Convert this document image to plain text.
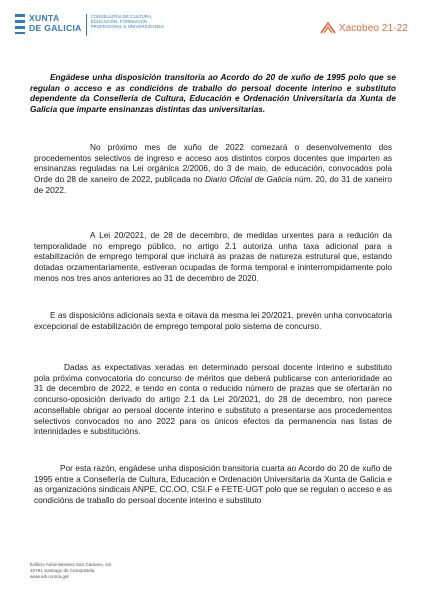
XUNTA
DE GALICIA
CONSELLERÍA DE CULTURA,
EDUCACIÓN, FORMACIÓN
PROFESIONAL E UNIVERSIDADES	Xacobeo 21·22
Engádese unha disposición transitoria ao Acordo do 20 de xuño de 1995 polo que se regulan o acceso e as condicións de traballo do persoal docente interino e substituto dependente da Consellería de Cultura, Educación e Ordenación Universitaria da Xunta de Galicia que imparte ensinanzas distintas das universitarias.
No próximo mes de xuño de 2022 comezará o desenvolvemento dos procedementos selectivos de ingreso e acceso aos distintos corpos docentes que imparten as ensinanzas reguladas na Lei orgánica 2/2006, do 3 de maio, de educación, convocados pola Orde do 28 de xaneiro de 2022, publicada no Diario Oficial de Galicia núm. 20, do 31 de xaneiro de 2022.
A Lei 20/2021, de 28 de decembro, de medidas urxentes para a redución da temporalidade no emprego público, no artigo 2.1 autoriza unha taxa adicional para a estabilización de emprego temporal que incluirá as prazas de natureza estrutural que, estando dotadas orzamentariamente, estiveran ocupadas de forma temporal e ininterrompidamente polo menos nos tres anos anteriores ao 31 de decembro de 2020.
E as disposicións adicionais sexta e oitava da mesma lei 20/2021, prevén unha convocatoria excepcional de estabilización de emprego temporal polo sistema de concurso.
Dadas as expectativas xeradas en determinado persoal docente interino e substituto pola próxima convocatoria do concurso de méritos que deberá publicarse con anterioridade ao 31 de decembro de 2022, e tendo en conta o reducido número de prazas que se ofertarán no concurso-oposición derivado do artigo 2.1 da Lei 20/2021, do 28 de decembro, non parece aconsellable obrigar ao persoal docente interino e substituto a presentarse aos procedementos selectivos convocados no ano 2022 para os únicos efectos da permanencia nas listas de interinidades e substitucións.
Por esta razón, engádese unha disposición transitoria cuarta ao Acordo do 20 de xuño de 1995 entre a Consellería de Cultura, Educación e Ordenación Universitaria da Xunta de Galicia e as organizacións sindicais ANPE, CC.OO, CSI.F e FETE-UGT polo que se regulan o acceso e as condicións de traballo do persoal docente interino e substituto
Edificio Administrativo San Caetano, s/n
15781 Santiago de Compostela
www.edu.xunta.gal
